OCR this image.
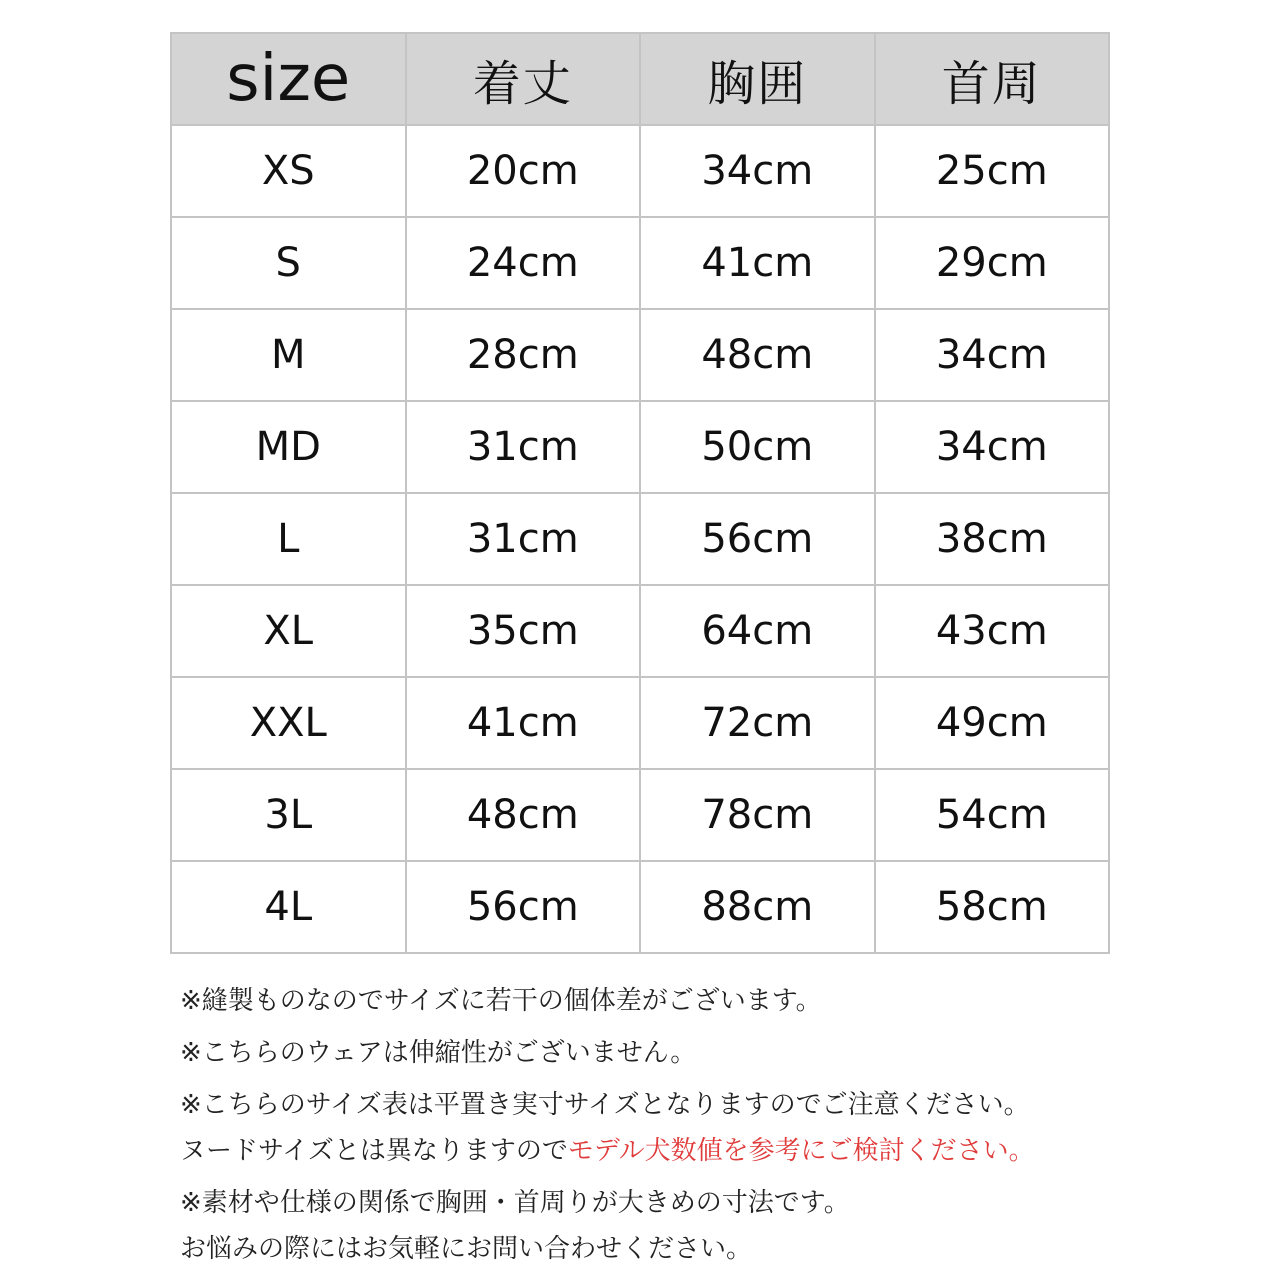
size	着丈	胸囲	首周
XS	20cm	34cm	25cm
S	24cm	41cm	29cm
M	28cm	48cm	34cm
MD	31cm	50cm	34cm
L	31cm	56cm	38cm
XL	35cm	64cm	43cm
XXL	41cm	72cm	49cm
3L	48cm	78cm	54cm
4L	56cm	88cm	58cm

※縫製ものなのでサイズに若干の個体差がございます。

※こちらのウェアは伸縮性がございません。

※こちらのサイズ表は平置き実寸サイズとなりますのでご注意ください。

ヌードサイズとは異なりますのでモデル犬数値を参考にご検討ください。

※素材や仕様の関係で胸囲・首周りが大きめの寸法です。

お悩みの際にはお気軽にお問い合わせください。
